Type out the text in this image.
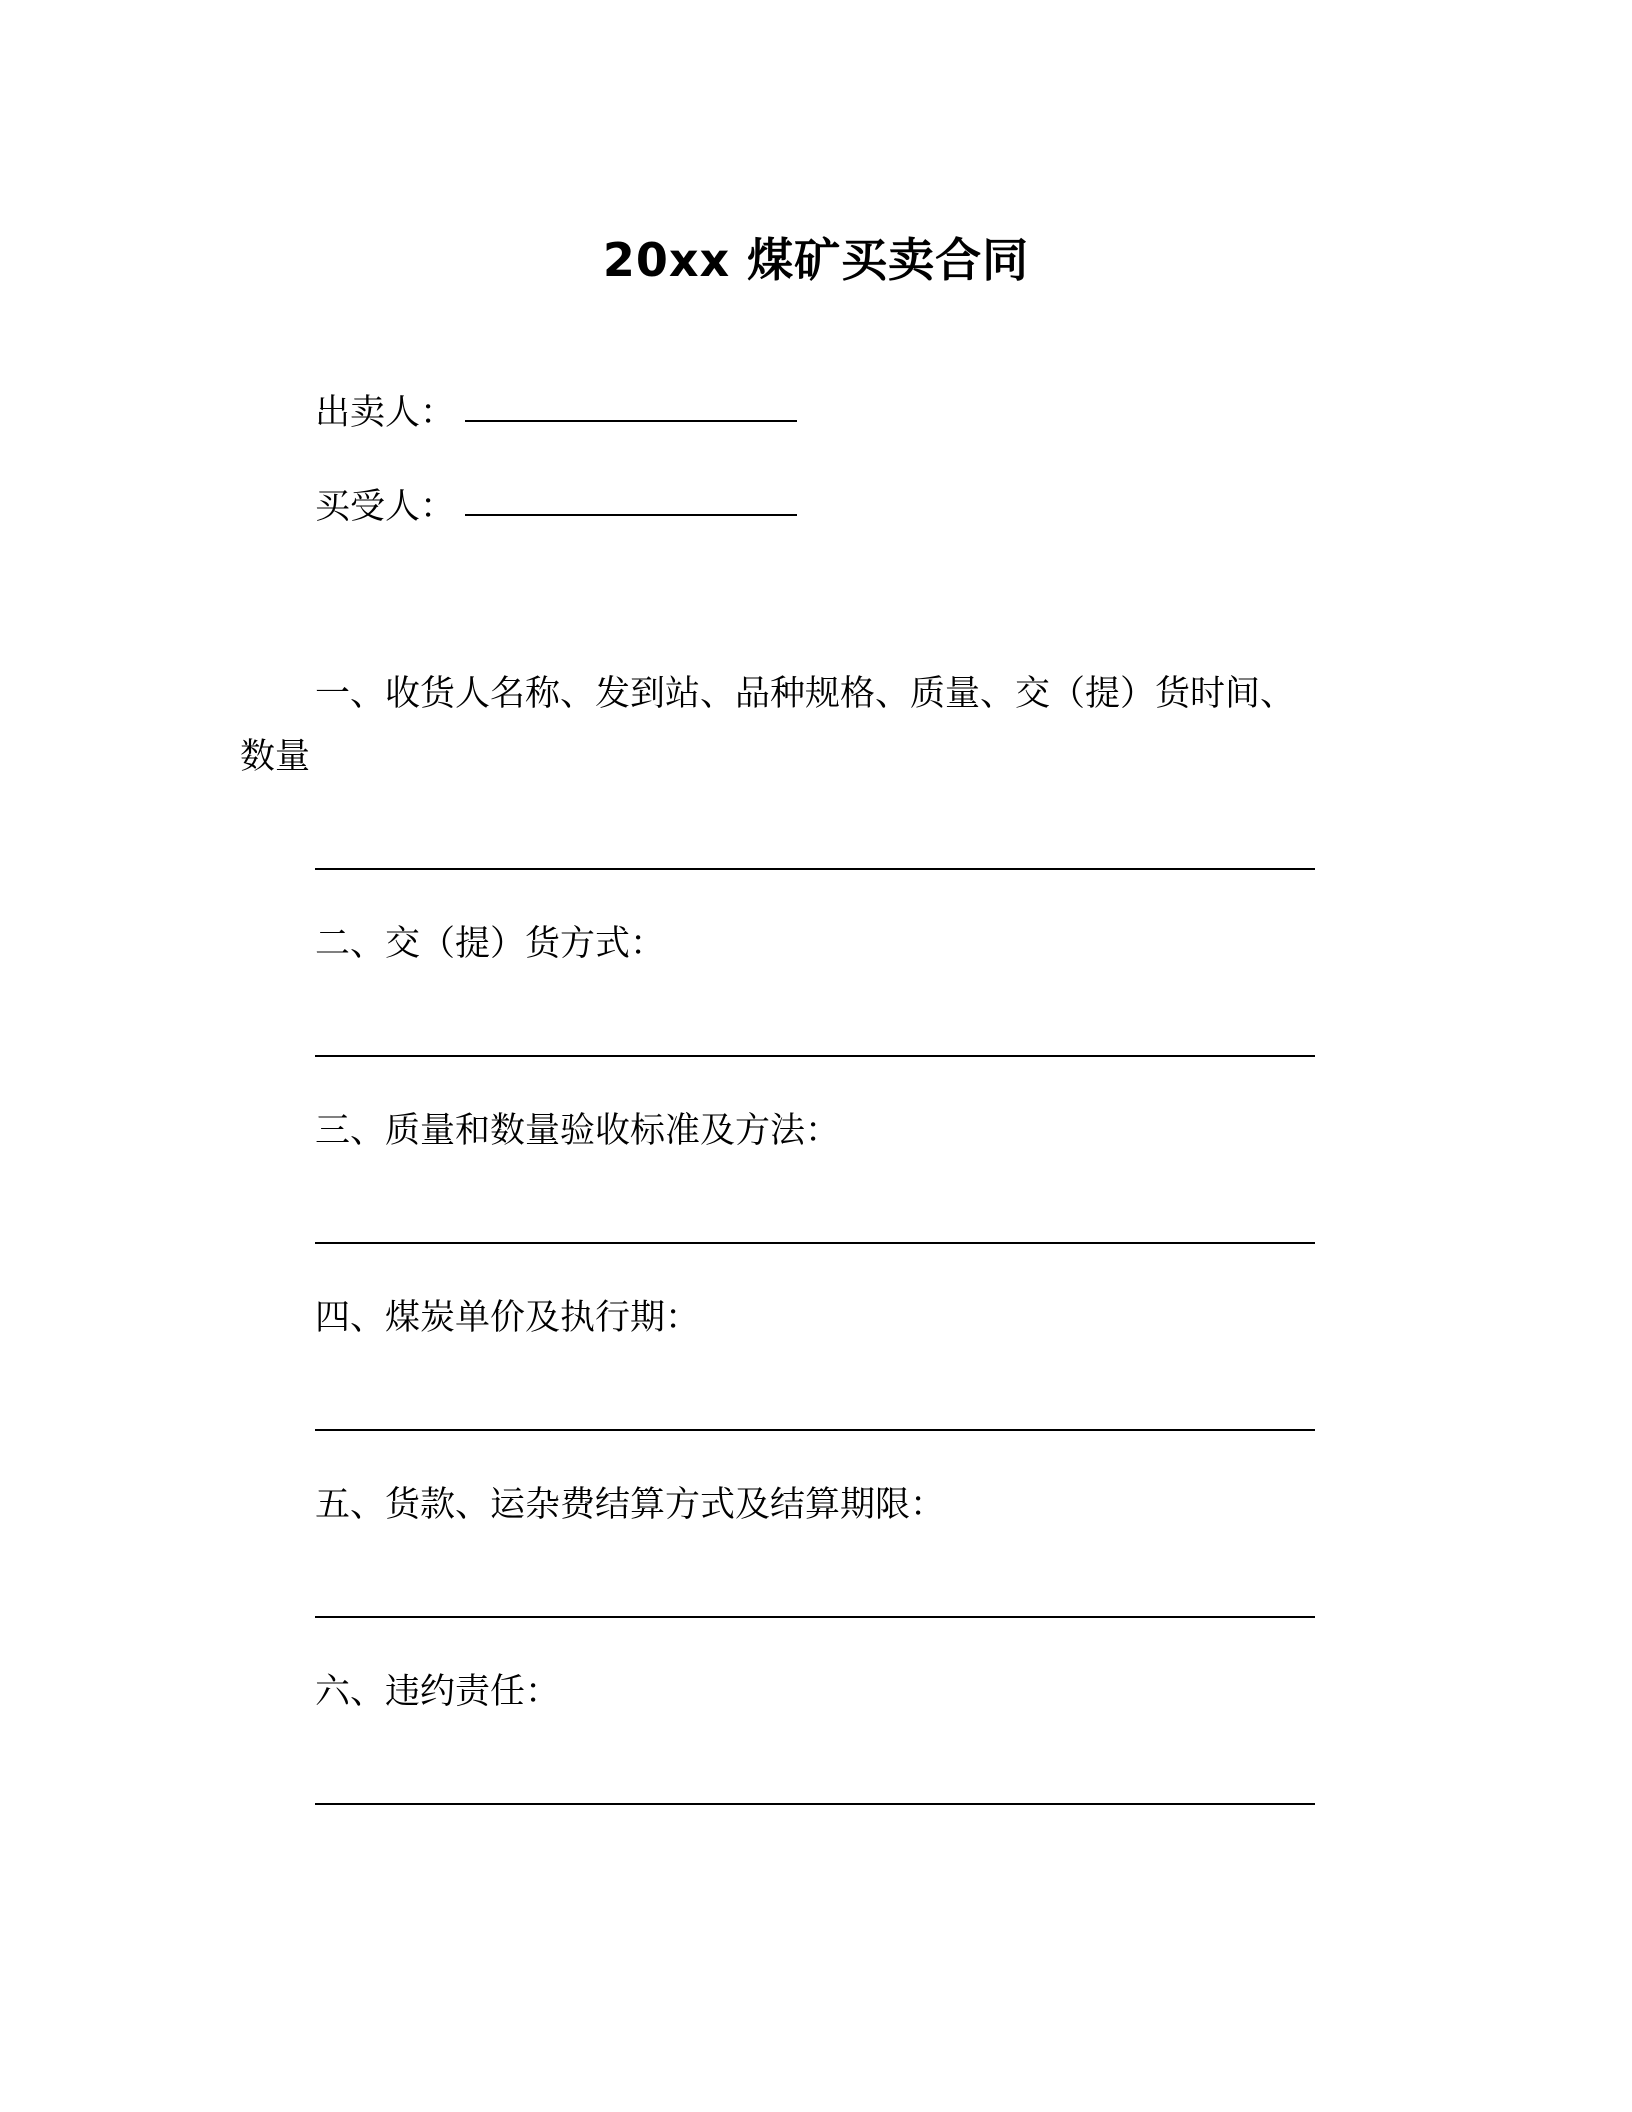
20xx 煤矿买卖合同
出卖人：
买受人：
一、收货人名称、发到站、品种规格、质量、交（提）货时间、
数量
二、交（提）货方式：
三、质量和数量验收标准及方法：
四、煤炭单价及执行期：
五、货款、运杂费结算方式及结算期限：
六、违约责任：
